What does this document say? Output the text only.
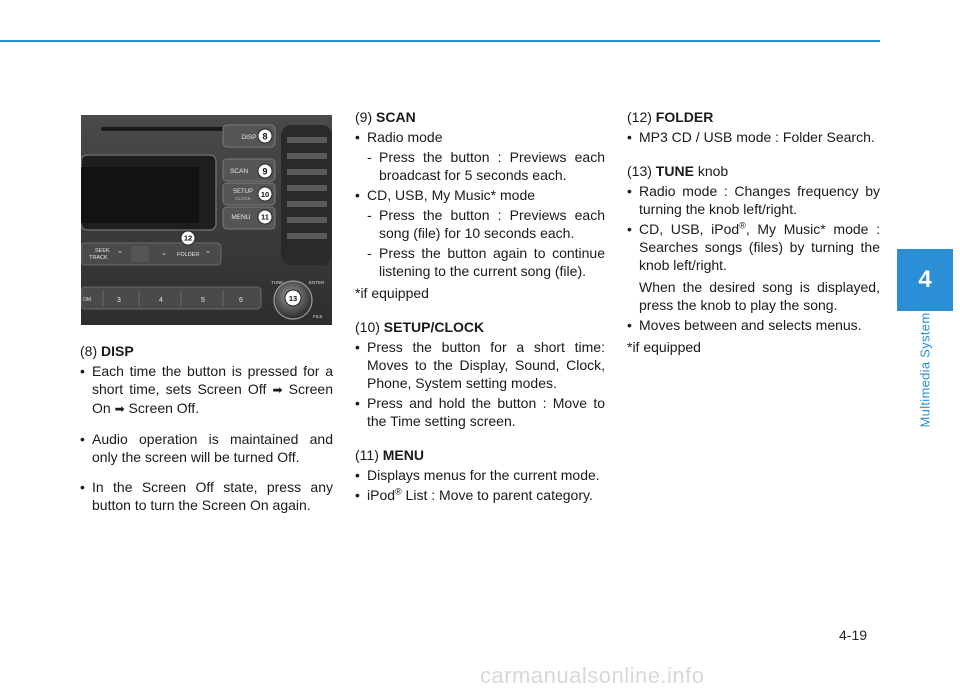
4
Multimedia System
DISP
SCAN
SETUP
CLOCK
MENU
SEEK
TRACK ⌃	⌄ FOLDER ⌃
OM	3	4	5	6
TUNE	ENTER
FILE
8
9
10
11
12
13
(8) DISP
• Each time the button is pressed for a short time, sets Screen Off ➡ Screen On ➡ Screen Off.
• Audio operation is maintained and only the screen will be turned Off.
• In the Screen Off state, press any button to turn the Screen On again.
(9) SCAN
• Radio mode
- Press the button : Previews each broadcast for 5 seconds each.
• CD, USB, My Music* mode
- Press the button : Previews each song (file) for 10 seconds each.
- Press the button again to continue listening to the current song (file).
*if equipped
(10) SETUP/CLOCK
• Press the button for a short time: Moves to the Display, Sound, Clock, Phone, System setting modes.
• Press and hold the button : Move to the Time setting screen.
(11) MENU
• Displays menus for the current mode.
• iPod® List : Move to parent category.
(12) FOLDER
• MP3 CD / USB mode : Folder Search.
(13) TUNE knob
• Radio mode : Changes frequency by turning the knob left/right.
• CD, USB, iPod®, My Music* mode : Searches songs (files) by turning the knob left/right.
When the desired song is displayed, press the knob to play the song.
• Moves between and selects menus.
*if equipped
4-19
carmanualsonline.info
